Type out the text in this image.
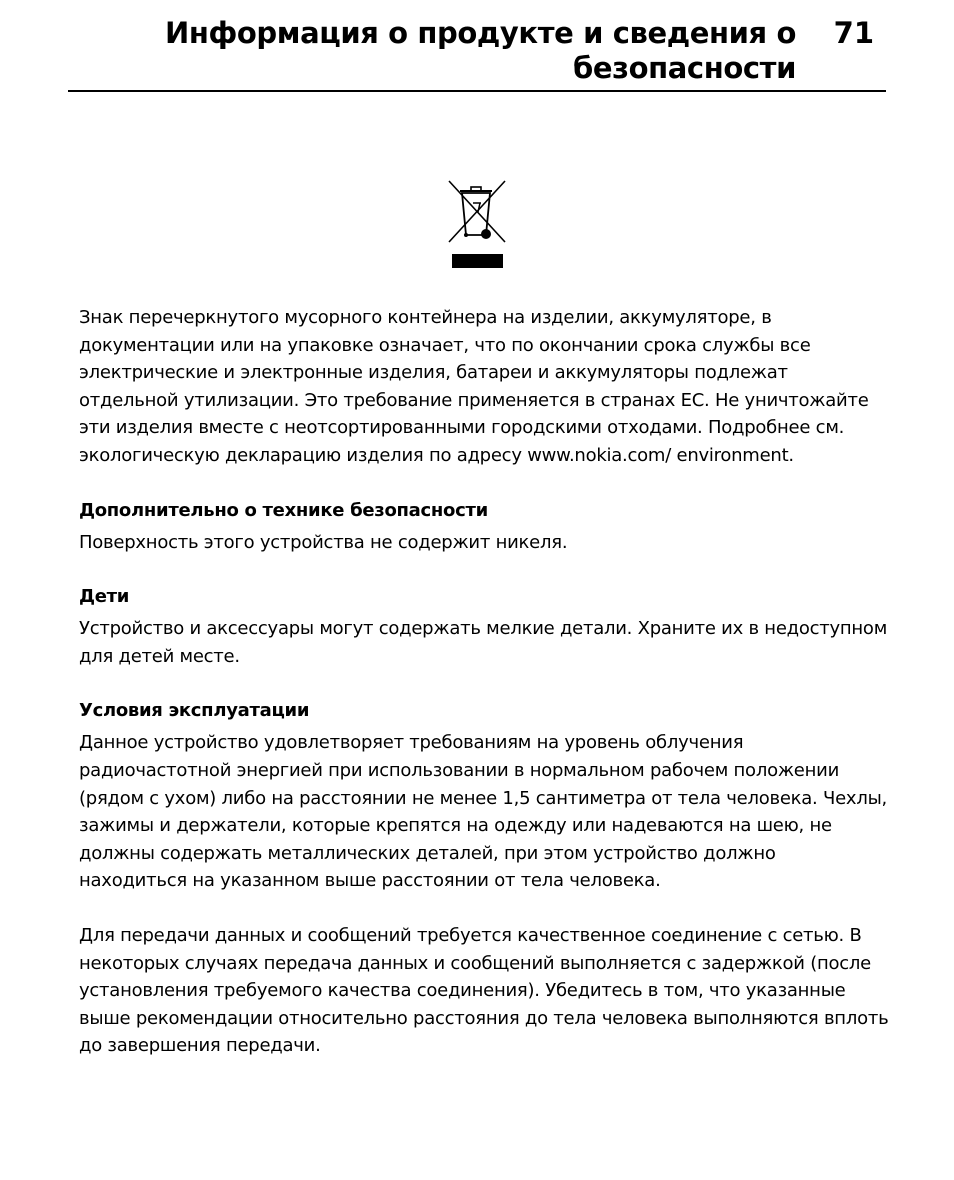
Информация о продукте и сведения о безопасности
71

Знак перечеркнутого мусорного контейнера на изделии, аккумуляторе, в документации или на упаковке означает, что по окончании срока службы все электрические и электронные изделия, батареи и аккумуляторы подлежат отдельной утилизации. Это требование применяется в странах ЕС. Не уничтожайте эти изделия вместе с неотсортированными городскими отходами. Подробнее см. экологическую декларацию изделия по адресу www.nokia.com/ environment.

Дополнительно о технике безопасности

Поверхность этого устройства не содержит никеля.

Дети

Устройство и аксессуары могут содержать мелкие детали. Храните их в недоступном для детей месте.

Условия эксплуатации

Данное устройство удовлетворяет требованиям на уровень облучения радиочастотной энергией при использовании в нормальном рабочем положении (рядом с ухом) либо на расстоянии не менее 1,5 сантиметра от тела человека. Чехлы, зажимы и держатели, которые крепятся на одежду или надеваются на шею, не должны содержать металлических деталей, при этом устройство должно находиться на указанном выше расстоянии от тела человека.

Для передачи данных и сообщений требуется качественное соединение с сетью. В некоторых случаях передача данных и сообщений выполняется с задержкой (после установления требуемого качества соединения). Убедитесь в том, что указанные выше рекомендации относительно расстояния до тела человека выполняются вплоть до завершения передачи.
